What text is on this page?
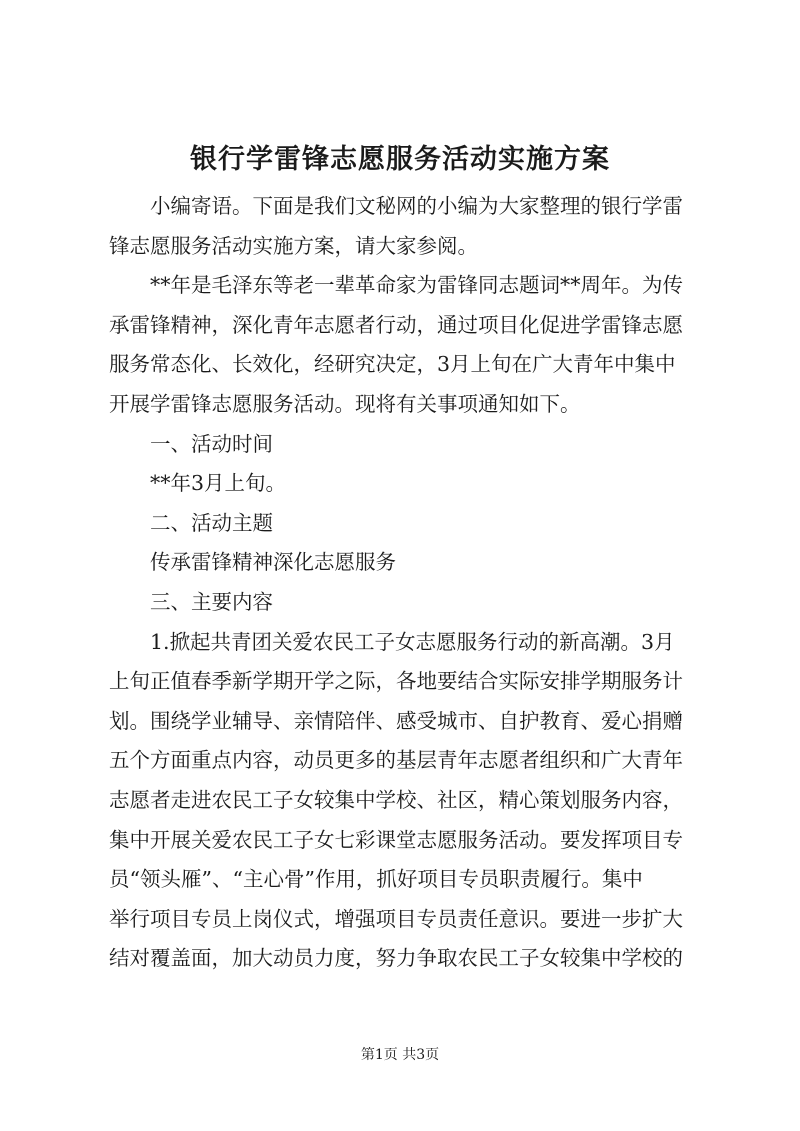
银行学雷锋志愿服务活动实施方案
小编寄语。下面是我们文秘网的小编为大家整理的银行学雷
锋志愿服务活动实施方案，请大家参阅。
**年是毛泽东等老一辈革命家为雷锋同志题词**周年。为传
承雷锋精神，深化青年志愿者行动，通过项目化促进学雷锋志愿
服务常态化、长效化，经研究决定，3月上旬在广大青年中集中
开展学雷锋志愿服务活动。现将有关事项通知如下。
一、活动时间
**年3月上旬。
二、活动主题
传承雷锋精神深化志愿服务
三、主要内容
1.掀起共青团关爱农民工子女志愿服务行动的新高潮。3月
上旬正值春季新学期开学之际，各地要结合实际安排学期服务计
划。围绕学业辅导、亲情陪伴、感受城市、自护教育、爱心捐赠
五个方面重点内容，动员更多的基层青年志愿者组织和广大青年
志愿者走进农民工子女较集中学校、社区，精心策划服务内容，
集中开展关爱农民工子女七彩课堂志愿服务活动。要发挥项目专
员“领头雁”、“主心骨”作用，抓好项目专员职责履行。集中
举行项目专员上岗仪式，增强项目专员责任意识。要进一步扩大
结对覆盖面，加大动员力度，努力争取农民工子女较集中学校的
第1页 共3页
